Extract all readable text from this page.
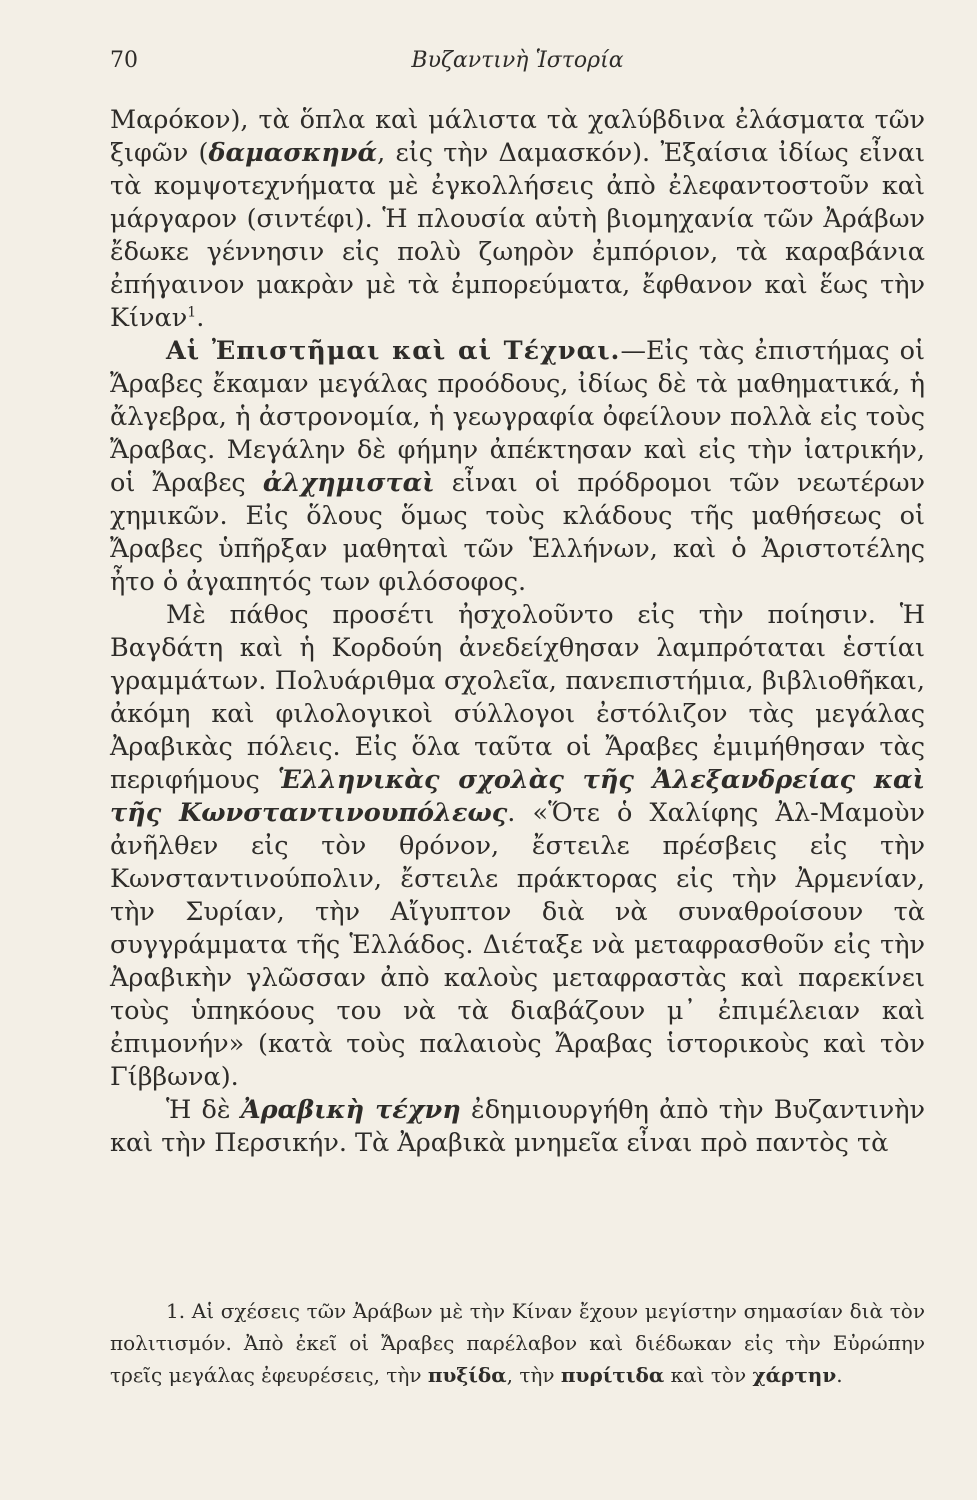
70	Βυζαντινὴ Ἱστορία

Μαρόκον), τὰ ὅπλα καὶ μάλιστα τὰ χαλύβδινα ἐλάσματα τῶν ξιφῶν (δαμασκηνά, εἰς τὴν Δαμασκόν). Ἐξαίσια ἰδίως εἶναι τὰ κομψοτεχνήματα μὲ ἐγκολλήσεις ἀπὸ ἐλεφαντοστοῦν καὶ μάργαρον (σιντέφι). Ἡ πλουσία αὐτὴ βιομηχανία τῶν Ἀράβων ἔδωκε γέννησιν εἰς πολὺ ζωηρὸν ἐμπόριον, τὰ καραβάνια ἐπήγαινον μακρὰν μὲ τὰ ἐμπορεύματα, ἔφθανον καὶ ἕως τὴν Κίναν$^1$.

Αἱ Ἐπιστῆμαι καὶ αἱ Τέχναι.—Εἰς τὰς ἐπιστήμας οἱ Ἄραβες ἔκαμαν μεγάλας προόδους, ἰδίως δὲ τὰ μαθηματικά, ἡ ἄλγεβρα, ἡ ἀστρονομία, ἡ γεωγραφία ὀφείλουν πολλὰ εἰς τοὺς Ἄραβας. Μεγάλην δὲ φήμην ἀπέκτησαν καὶ εἰς τὴν ἰατρικήν, οἱ Ἄραβες ἀλχημισταὶ εἶναι οἱ πρόδρομοι τῶν νεωτέρων χημικῶν. Εἰς ὅλους ὅμως τοὺς κλάδους τῆς μαθήσεως οἱ Ἄραβες ὑπῆρξαν μαθηταὶ τῶν Ἑλλήνων, καὶ ὁ Ἀριστοτέλης ἦτο ὁ ἀγαπητός των φιλόσοφος.

Μὲ πάθος προσέτι ἠσχολοῦντο εἰς τὴν ποίησιν. Ἡ Βαγδάτη καὶ ἡ Κορδούη ἀνεδείχθησαν λαμπρόταται ἑστίαι γραμμάτων. Πολυάριθμα σχολεῖα, πανεπιστήμια, βιβλιοθῆκαι, ἀκόμη καὶ φιλολογικοὶ σύλλογοι ἐστόλιζον τὰς μεγάλας Ἀραβικὰς πόλεις. Εἰς ὅλα ταῦτα οἱ Ἄραβες ἐμιμήθησαν τὰς περιφήμους Ἑλληνικὰς σχολὰς τῆς Ἀλεξανδρείας καὶ τῆς Κωνσταντινουπόλεως. «Ὅτε ὁ Χαλίφης Ἀλ-Μαμοὺν ἀνῆλθεν εἰς τὸν θρόνον, ἔστειλε πρέσβεις εἰς τὴν Κωνσταντινούπολιν, ἔστειλε πράκτορας εἰς τὴν Ἀρμενίαν, τὴν Συρίαν, τὴν Αἴγυπτον διὰ νὰ συναθροίσουν τὰ συγγράμματα τῆς Ἑλλάδος. Διέταξε νὰ μεταφρασθοῦν εἰς τὴν Ἀραβικὴν γλῶσσαν ἀπὸ καλοὺς μεταφραστὰς καὶ παρεκίνει τοὺς ὑπηκόους του νὰ τὰ διαβάζουν μ᾽ ἐπιμέλειαν καὶ ἐπιμονήν» (κατὰ τοὺς παλαιοὺς Ἄραβας ἱστορικοὺς καὶ τὸν Γίββωνα).

Ἡ δὲ Ἀραβικὴ τέχνη ἐδημιουργήθη ἀπὸ τὴν Βυζαντινὴν καὶ τὴν Περσικήν. Τὰ Ἀραβικὰ μνημεῖα εἶναι πρὸ παντὸς τὰ

1. Αἱ σχέσεις τῶν Ἀράβων μὲ τὴν Κίναν ἔχουν μεγίστην σημασίαν διὰ τὸν πολιτισμόν. Ἀπὸ ἐκεῖ οἱ Ἄραβες παρέλαβον καὶ διέδωκαν εἰς τὴν Εὐρώπην τρεῖς μεγάλας ἐφευρέσεις, τὴν πυξίδα, τὴν πυρίτιδα καὶ τὸν χάρτην.
